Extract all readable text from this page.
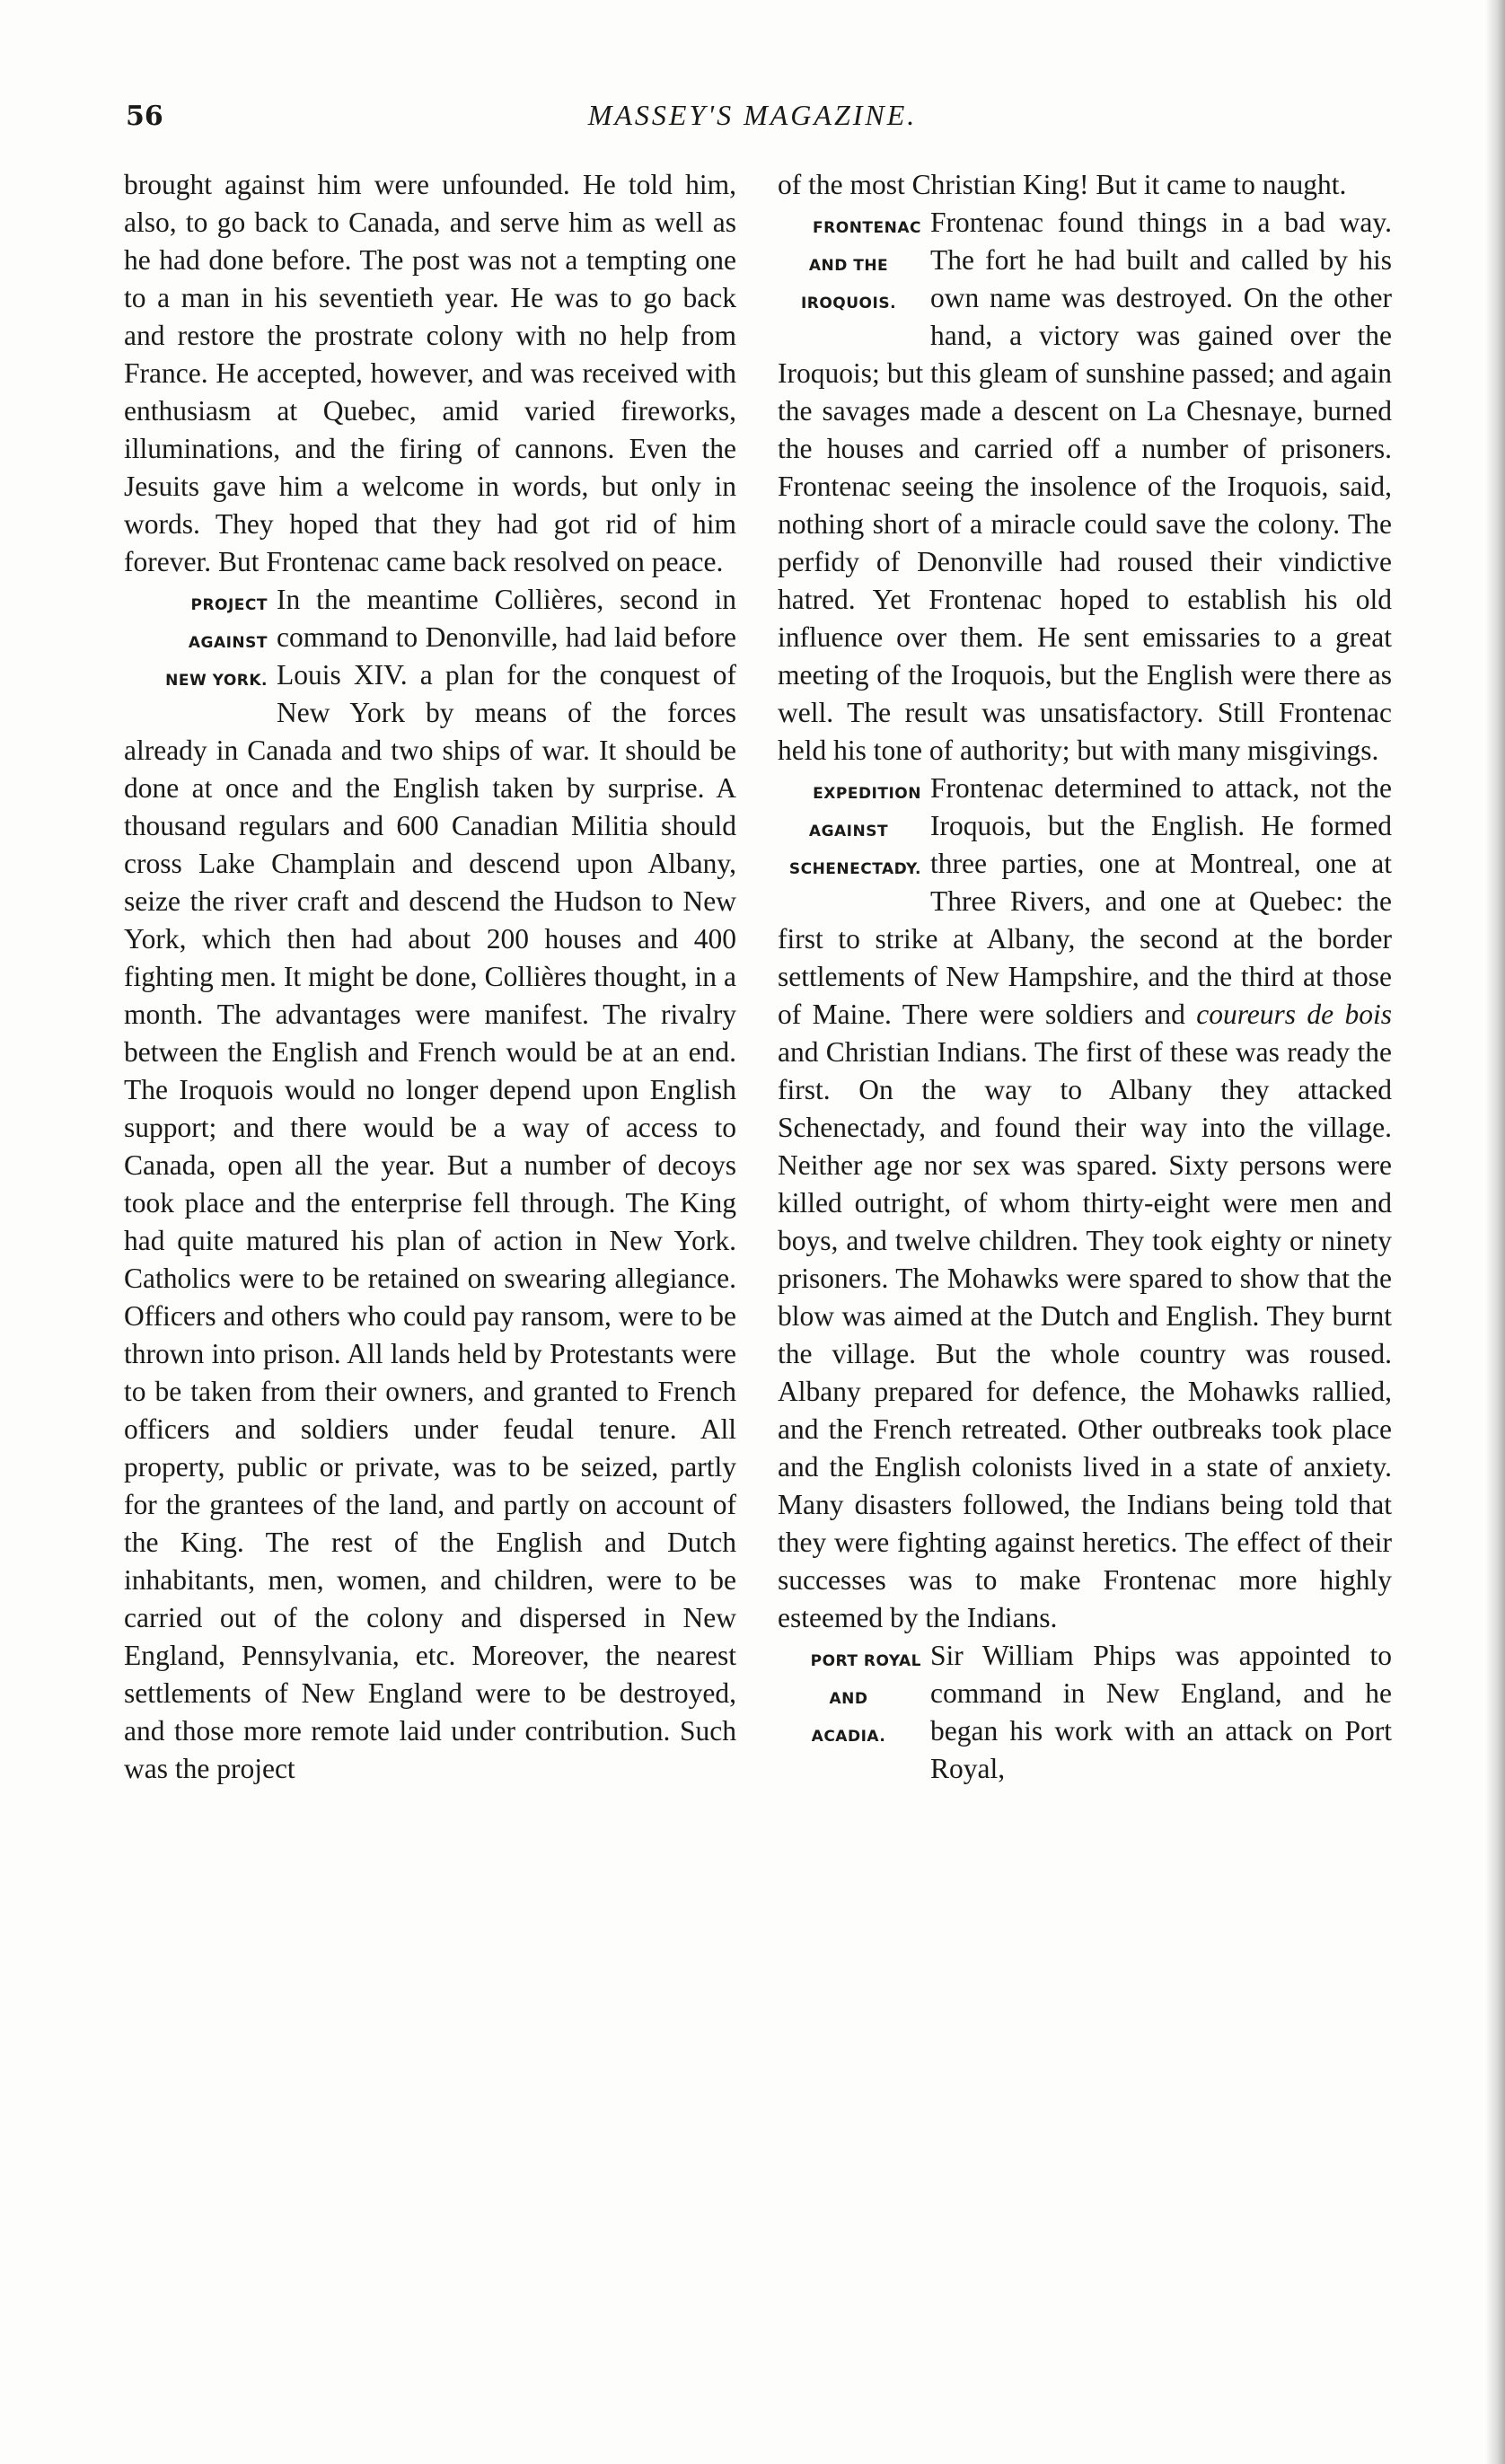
56	MASSEY'S MAGAZINE.

brought against him were unfounded. He told him, also, to go back to Canada, and serve him as well as he had done before. The post was not a tempting one to a man in his seventieth year. He was to go back and restore the prostrate colony with no help from France. He accepted, however, and was received with enthusiasm at Quebec, amid varied fireworks, illuminations, and the firing of cannons. Even the Jesuits gave him a welcome in words, but only in words. They hoped that they had got rid of him forever. But Frontenac came back resolved on peace.

PROJECT
AGAINST
NEW YORK.
In the meantime Collières, second in command to Denonville, had laid before Louis XIV. a plan for the conquest of New York by means of the forces already in Canada and two ships of war. It should be done at once and the English taken by surprise. A thousand regulars and 600 Canadian Militia should cross Lake Champlain and descend upon Albany, seize the river craft and descend the Hudson to New York, which then had about 200 houses and 400 fighting men. It might be done, Collières thought, in a month. The advantages were manifest. The rivalry between the English and French would be at an end. The Iroquois would no longer depend upon English support; and there would be a way of access to Canada, open all the year. But a number of decoys took place and the enterprise fell through. The King had quite matured his plan of action in New York. Catholics were to be retained on swearing allegiance. Officers and others who could pay ransom, were to be thrown into prison. All lands held by Protestants were to be taken from their owners, and granted to French officers and soldiers under feudal tenure. All property, public or private, was to be seized, partly for the grantees of the land, and partly on account of the King. The rest of the English and Dutch inhabitants, men, women, and children, were to be carried out of the colony and dispersed in New England, Pennsylvania, etc. Moreover, the nearest settlements of New England were to be destroyed, and those more remote laid under contribution. Such was the project

of the most Christian King! But it came to naught.

FRONTENAC
AND THE
IROQUOIS.
Frontenac found things in a bad way. The fort he had built and called by his own name was destroyed. On the other hand, a victory was gained over the Iroquois; but this gleam of sunshine passed; and again the savages made a descent on La Chesnaye, burned the houses and carried off a number of prisoners. Frontenac seeing the insolence of the Iroquois, said, nothing short of a miracle could save the colony. The perfidy of Denonville had roused their vindictive hatred. Yet Frontenac hoped to establish his old influence over them. He sent emissaries to a great meeting of the Iroquois, but the English were there as well. The result was unsatisfactory. Still Frontenac held his tone of authority; but with many misgivings.

EXPEDITION
AGAINST
SCHENECTADY.
Frontenac determined to attack, not the Iroquois, but the English. He formed three parties, one at Montreal, one at Three Rivers, and one at Quebec: the first to strike at Albany, the second at the border settlements of New Hampshire, and the third at those of Maine. There were soldiers and coureurs de bois and Christian Indians. The first of these was ready the first. On the way to Albany they attacked Schenectady, and found their way into the village. Neither age nor sex was spared. Sixty persons were killed outright, of whom thirty-eight were men and boys, and twelve children. They took eighty or ninety prisoners. The Mohawks were spared to show that the blow was aimed at the Dutch and English. They burnt the village. But the whole country was roused. Albany prepared for defence, the Mohawks rallied, and the French retreated. Other outbreaks took place and the English colonists lived in a state of anxiety. Many disasters followed, the Indians being told that they were fighting against heretics. The effect of their successes was to make Frontenac more highly esteemed by the Indians.

PORT ROYAL
AND
ACADIA.
Sir William Phips was appointed to command in New England, and he began his work with an attack on Port Royal,
